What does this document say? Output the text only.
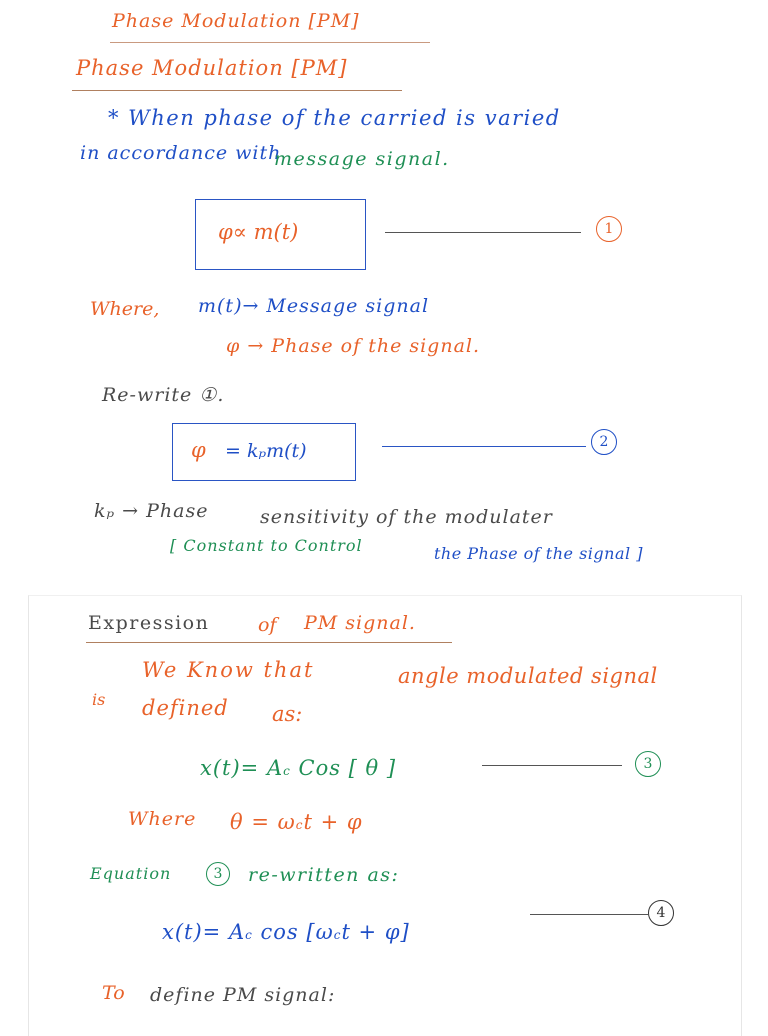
Phase Modulation [PM]
Phase Modulation [PM]
* When phase of the carried is varied
in accordance with
message signal.
φ∝ m(t)	1
Where, m(t)→ Message signal
φ → Phase of the signal.
Re-write ①.
φ = kₚm(t)	2
kₚ → Phase	sensitivity of the modulater
[ Constant to Control	the Phase of the signal ]
Expression	of PM signal.
We Know that	angle modulated signal
is defined as:
x(t)= Ac Cos [ θ ]	3
Where θ = ωct + φ
Equation	3	re-written as:
x(t)= Ac cos [ωct + φ]
4
To define PM signal:
